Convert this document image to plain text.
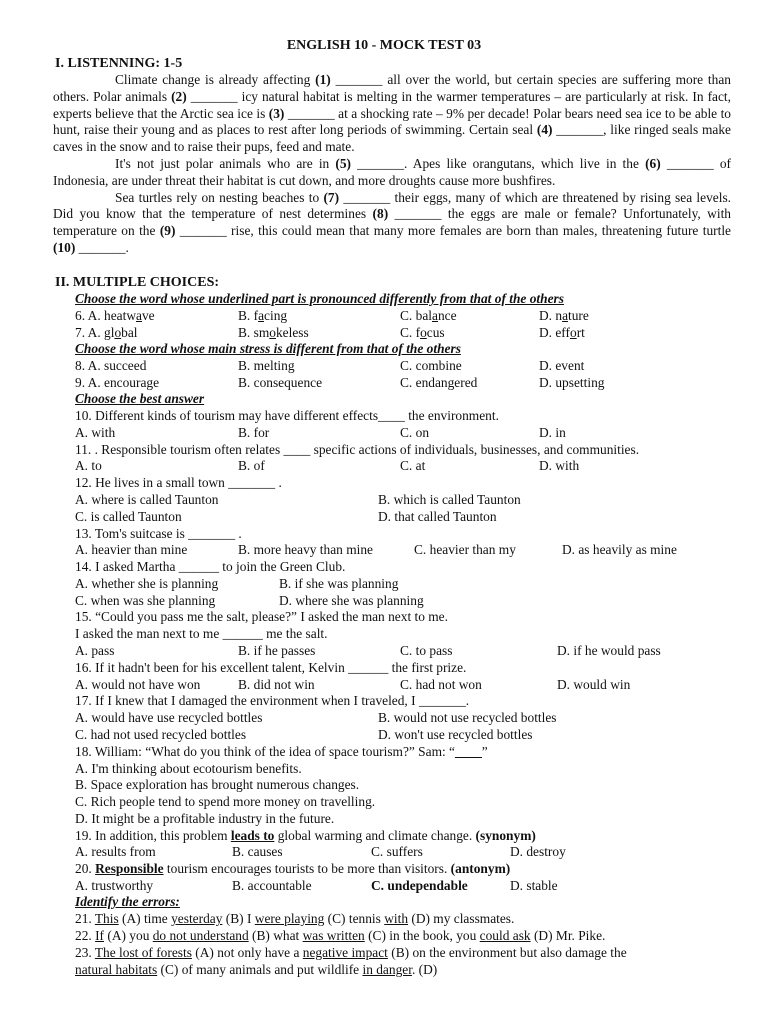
ENGLISH 10 - MOCK TEST 03
I. LISTENNING: 1-5

Climate change is already affecting (1) _______ all over the world, but certain species are suffering more than others. Polar animals (2) _______ icy natural habitat is melting in the warmer temperatures – are particularly at risk. In fact, experts believe that the Arctic sea ice is (3) _______ at a shocking rate – 9% per decade! Polar bears need sea ice to be able to hunt, raise their young and as places to rest after long periods of swimming. Certain seal (4) _______, like ringed seals make caves in the snow and to raise their pups, feed and mate.

It's not just polar animals who are in (5) _______. Apes like orangutans, which live in the (6) _______ of Indonesia, are under threat their habitat is cut down, and more droughts cause more bushfires.

Sea turtles rely on nesting beaches to (7) _______ their eggs, many of which are threatened by rising sea levels. Did you know that the temperature of nest determines (8) _______ the eggs are male or female? Unfortunately, with temperature on the (9) _______ rise, this could mean that many more females are born than males, threatening future turtle (10) _______.

II. MULTIPLE CHOICES:
Choose the word whose underlined part is pronounced differently from that of the others
6. A. heatwave	B. facing	C. balance	D. nature
7. A. global	B. smokeless	C. focus	D. effort
Choose the word whose main stress is different from that of the others
8. A. succeed	B. melting	C. combine	D. event
9. A. encourage	B. consequence	C. endangered	D. upsetting
Choose the best answer
10. Different kinds of tourism may have different effects____ the environment.
A. with	B. for	C. on	D. in
11. . Responsible tourism often relates ____ specific actions of individuals, businesses, and communities.
A. to	B. of	C. at	D. with
12. He lives in a small town _______ .
A. where is called Taunton	B. which is called Taunton
C. is called Taunton	D. that called Taunton
13. Tom's suitcase is _______ .
A. heavier than mine	B. more heavy than mine	C. heavier than my	D. as heavily as mine
14. I asked Martha ______ to join the Green Club.
A. whether she is planning	B. if she was planning
C. when was she planning	D. where she was planning
15. “Could you pass me the salt, please?” I asked the man next to me.
I asked the man next to me ______ me the salt.
A. pass	B. if he passes	C. to pass	D. if he would pass
16. If it hadn't been for his excellent talent, Kelvin ______ the first prize.
A. would not have won	B. did not win	C. had not won	D. would win
17. If I knew that I damaged the environment when I traveled, I _______.
A. would have use recycled bottles	B. would not use recycled bottles
C. had not used recycled bottles	D. won't use recycled bottles
18. William: “What do you think of the idea of space tourism?” Sam: “____”
A. I'm thinking about ecotourism benefits.
B. Space exploration has brought numerous changes.
C. Rich people tend to spend more money on travelling.
D. It might be a profitable industry in the future.
19. In addition, this problem leads to global warming and climate change. (synonym)
A. results from	B. causes	C. suffers	D. destroy
20. Responsible tourism encourages tourists to be more than visitors. (antonym)
A. trustworthy	B. accountable	C. undependable	D. stable
Identify the errors:
21. This (A) time yesterday (B) I were playing (C) tennis with (D) my classmates.
22. If (A) you do not understand (B) what was written (C) in the book, you could ask (D) Mr. Pike.
23. The lost of forests (A) not only have a negative impact (B) on the environment but also damage the
natural habitats (C) of many animals and put wildlife in danger. (D)
